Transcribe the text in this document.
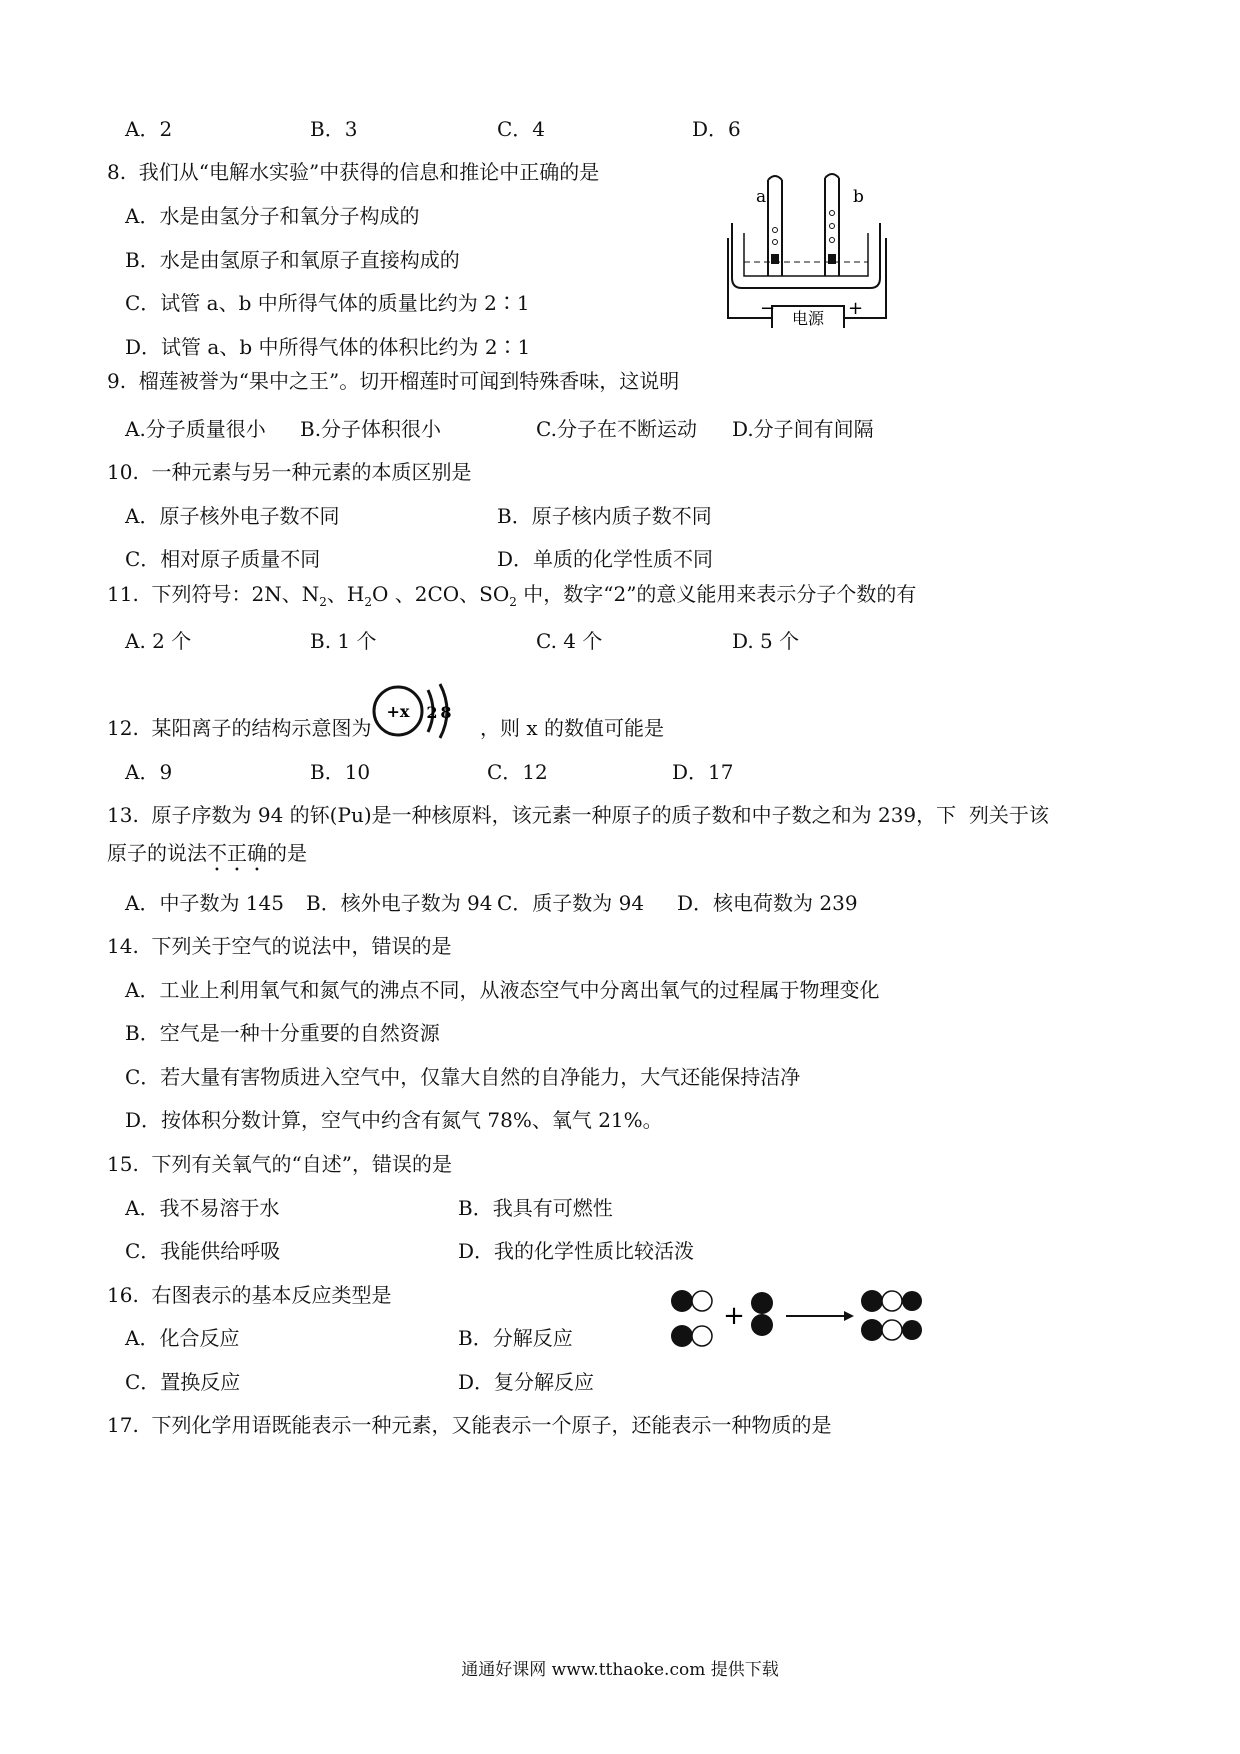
A．2	B．3	C．4	D．6
8.  我们从“电解水实验”中获得的信息和推论中正确的是
A．水是由氢分子和氧分子构成的
B．水是由氢原子和氧原子直接构成的
C．试管 a、b 中所得气体的质量比约为 2∶1
D．试管 a、b 中所得气体的体积比约为 2∶1
电源
−	+
a	b
9.  榴莲被誉为“果中之王”。切开榴莲时可闻到特殊香味，这说明
A.分子质量很小 B.分子体积很小	C.分子在不断运动 D.分子间有间隔
10.  一种元素与另一种元素的本质区别是
A．原子核外电子数不同	B．原子核内质子数不同
C．相对原子质量不同	D．单质的化学性质不同
11.  下列符号：2N、$N_2$、$H_2O$ 、2CO、$SO_2$ 中，数字“2”的意义能用来表示分子个数的有
A. 2 个	B. 1 个	C. 4 个	D. 5 个
12.  某阳离子的结构示意图为
+x 2 8
，则 x 的数值可能是
A．9	B．10	C．12	D．17
13.  原子序数为 94 的钚(Pu)是一种核原料，该元素一种原子的质子数和中子数之和为 239，下  列关于该
原子的说法不正确的是
A．中子数为 145 B．核外电子数为 94 C．质子数为 94 D．核电荷数为 239
14.  下列关于空气的说法中，错误的是
A．工业上利用氧气和氮气的沸点不同，从液态空气中分离出氧气的过程属于物理变化
B．空气是一种十分重要的自然资源
C．若大量有害物质进入空气中，仅靠大自然的自净能力，大气还能保持洁净
D．按体积分数计算，空气中约含有氮气 78%、氧气 21%。
15.  下列有关氧气的“自述”，错误的是
A．我不易溶于水	B．我具有可燃性
C．我能供给呼吸	D．我的化学性质比较活泼
16.  右图表示的基本反应类型是
A．化合反应	B．分解反应
C．置换反应	D．复分解反应
+
17.  下列化学用语既能表示一种元素，又能表示一个原子，还能表示一种物质的是
通通好课网 www.tthaoke.com 提供下载
